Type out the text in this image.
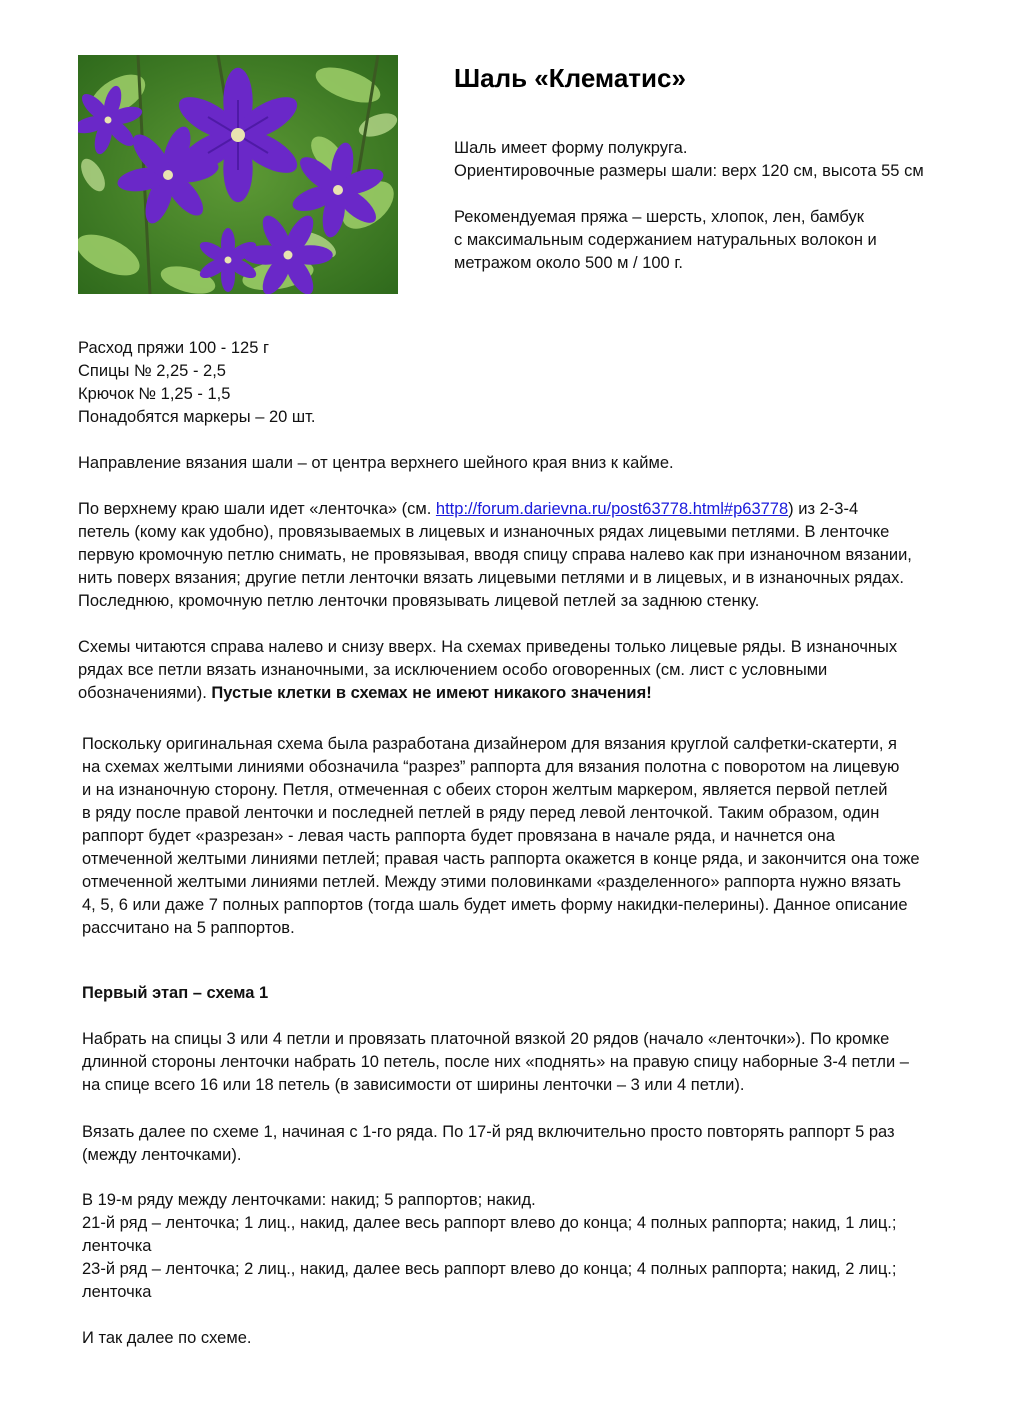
Шаль «Клематис»
Шаль имеет форму полукруга.
Ориентировочные размеры шали: верх 120 см, высота 55 см
Рекомендуемая пряжа – шерсть, хлопок, лен, бамбук
с максимальным содержанием натуральных волокон и
метражом около 500 м / 100 г.
Расход пряжи 100 - 125 г
Спицы № 2,25 - 2,5
Крючок № 1,25 - 1,5
Понадобятся маркеры – 20 шт.
Направление вязания шали – от центра верхнего шейного края вниз к кайме.
По верхнему краю шали идет «ленточка» (см. http://forum.darievna.ru/post63778.html#p63778) из 2-3-4
петель (кому как удобно), провязываемых в лицевых и изнаночных рядах лицевыми петлями. В ленточке
первую кромочную петлю снимать, не провязывая, вводя спицу справа налево как при изнаночном вязании,
нить поверх вязания; другие петли ленточки вязать лицевыми петлями и в лицевых, и в изнаночных рядах.
Последнюю, кромочную петлю ленточки провязывать лицевой петлей за заднюю стенку.
Схемы читаются справа налево и снизу вверх. На схемах приведены только лицевые ряды. В изнаночных
рядах все петли вязать изнаночными, за исключением особо оговоренных (см. лист с условными
обозначениями). Пустые клетки в схемах не имеют никакого значения!
Поскольку оригинальная схема была разработана дизайнером для вязания круглой салфетки-скатерти, я
на схемах желтыми линиями обозначила “разрез” раппорта для вязания полотна с поворотом на лицевую
и на изнаночную сторону. Петля, отмеченная с обеих сторон желтым маркером, является первой петлей
в ряду после правой ленточки и последней петлей в ряду перед левой ленточкой. Таким образом, один
раппорт будет «разрезан» - левая часть раппорта будет провязана в начале ряда, и начнется она
отмеченной желтыми линиями петлей; правая часть раппорта окажется в конце ряда, и закончится она тоже
отмеченной желтыми линиями петлей. Между этими половинками «разделенного» раппорта нужно вязать
4, 5, 6 или даже 7 полных раппортов (тогда шаль будет иметь форму накидки-пелерины). Данное описание
рассчитано на 5 раппортов.
Первый этап – схема 1
Набрать на спицы 3 или 4 петли и провязать платочной вязкой 20 рядов (начало «ленточки»). По кромке
длинной стороны ленточки набрать 10 петель, после них «поднять» на правую спицу наборные 3-4 петли –
на спице всего 16 или 18 петель (в зависимости от ширины ленточки – 3 или 4 петли).
Вязать далее по схеме 1, начиная с 1-го ряда. По 17-й ряд включительно просто повторять раппорт 5 раз
(между ленточками).
В 19-м ряду между ленточками: накид; 5 раппортов; накид.
21-й ряд – ленточка; 1 лиц., накид, далее весь раппорт влево до конца; 4 полных раппорта; накид, 1 лиц.;
ленточка
23-й ряд – ленточка; 2 лиц., накид, далее весь раппорт влево до конца; 4 полных раппорта; накид, 2 лиц.;
ленточка
И так далее по схеме.
